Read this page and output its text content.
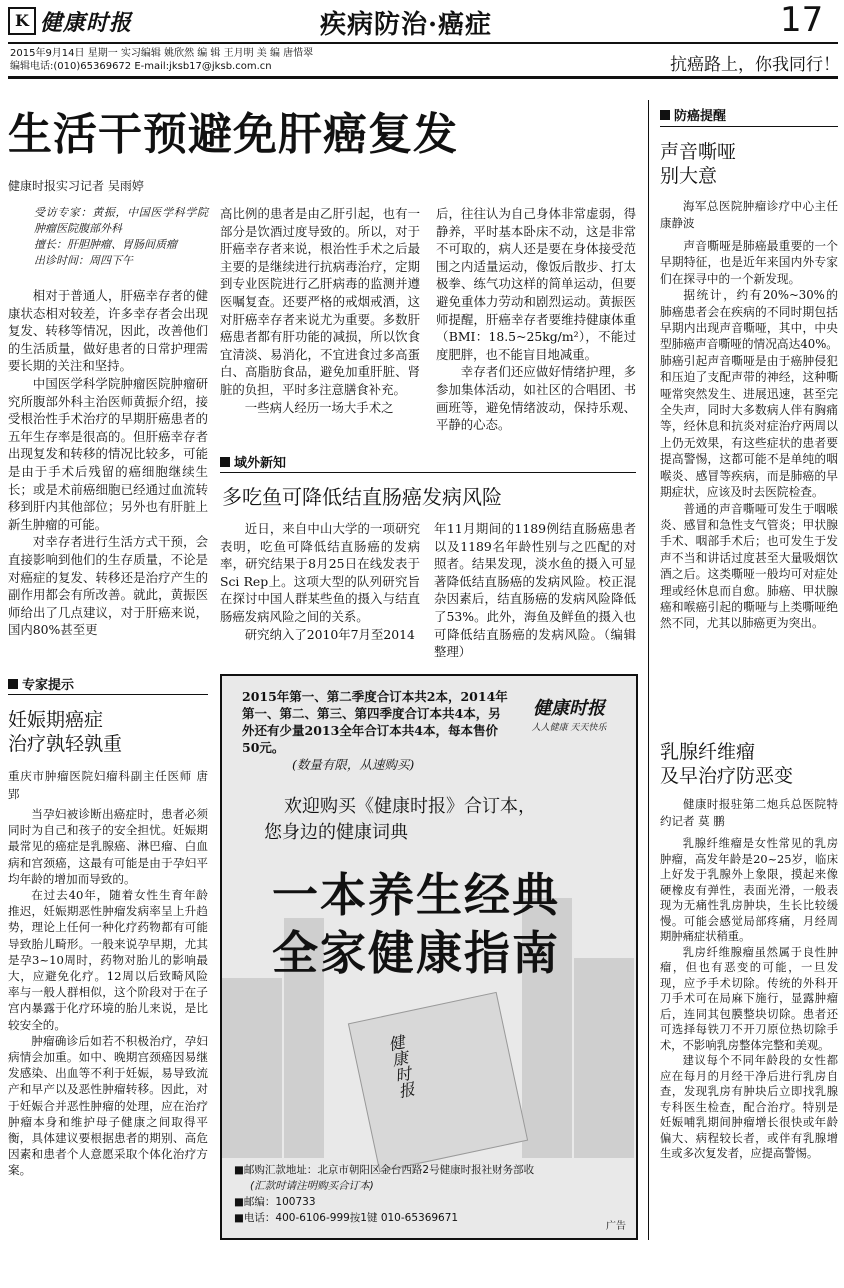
K 健康时报	疾病防治·癌症	17
2015年9月14日 星期一 实习编辑 姚欣然 编 辑 王月明 美 编 唐惜翠
编辑电话:(010)65369672 E-mail:jksb17@jksb.com.cn	抗癌路上，你我同行！
生活干预避免肝癌复发
健康时报实习记者 吴雨婷

受访专家：黄振，中国医学科学院肿瘤医院腹部外科

擅长：肝胆肿瘤、胃肠间质瘤

出诊时间：周四下午

相对于普通人，肝癌幸存者的健康状态相对较差，许多幸存者会出现复发、转移等情况，因此，改善他们的生活质量，做好患者的日常护理需要长期的关注和坚持。

中国医学科学院肿瘤医院肿瘤研究所腹部外科主治医师黄振介绍，接受根治性手术治疗的早期肝癌患者的五年生存率是很高的。但肝癌幸存者出现复发和转移的情况比较多，可能是由于手术后残留的癌细胞继续生长；或是术前癌细胞已经通过血流转移到肝内其他部位；另外也有肝脏上新生肿瘤的可能。

对幸存者进行生活方式干预，会直接影响到他们的生存质量，不论是对癌症的复发、转移还是治疗产生的副作用都会有所改善。就此，黄振医师给出了几点建议，对于肝癌来说，国内80%甚至更

高比例的患者是由乙肝引起，也有一部分是饮酒过度导致的。所以，对于肝癌幸存者来说，根治性手术之后最主要的是继续进行抗病毒治疗，定期到专业医院进行乙肝病毒的监测并遵医嘱复查。还要严格的戒烟戒酒，这对肝癌幸存者来说尤为重要。多数肝癌患者都有肝功能的减损，所以饮食宜清淡、易消化，不宜进食过多高蛋白、高脂肪食品，避免加重肝脏、肾脏的负担，平时多注意膳食补充。

一些病人经历一场大手术之

后，往往认为自己身体非常虚弱，得静养，平时基本卧床不动，这是非常不可取的，病人还是要在身体接受范围之内适量运动，像饭后散步、打太极拳、练气功这样的简单运动，但要避免重体力劳动和剧烈运动。黄振医师提醒，肝癌幸存者要维持健康体重（BMI：18.5~25kg/m²），不能过度肥胖，也不能盲目地减重。

幸存者们还应做好情绪护理，多参加集体活动，如社区的合唱团、书画班等，避免情绪波动，保持乐观、平静的心态。

域外新知
多吃鱼可降低结直肠癌发病风险

近日，来自中山大学的一项研究表明，吃鱼可降低结直肠癌的发病率，研究结果于8月25日在线发表于Sci Rep上。这项大型的队列研究旨在探讨中国人群某些鱼的摄入与结直肠癌发病风险之间的关系。

研究纳入了2010年7月至2014

年11月期间的1189例结直肠癌患者以及1189名年龄性别与之匹配的对照者。结果发现，淡水鱼的摄入可显著降低结直肠癌的发病风险。校正混杂因素后，结直肠癌的发病风险降低了53%。此外，海鱼及鲜鱼的摄入也可降低结直肠癌的发病风险。（编辑整理）

专家提示
妊娠期癌症
治疗孰轻孰重
重庆市肿瘤医院妇瘤科副主任医师 唐 郢

当孕妇被诊断出癌症时，患者必须同时为自己和孩子的安全担忧。妊娠期最常见的癌症是乳腺癌、淋巴瘤、白血病和宫颈癌，这最有可能是由于孕妇平均年龄的增加而导致的。

在过去40年，随着女性生育年龄推迟，妊娠期恶性肿瘤发病率呈上升趋势，理论上任何一种化疗药物都有可能导致胎儿畸形。一般来说孕早期，尤其是孕3~10周时，药物对胎儿的影响最大，应避免化疗。12周以后致畸风险率与一般人群相似，这个阶段对于在子宫内暴露于化疗环境的胎儿来说，是比较安全的。

肿瘤确诊后如若不积极治疗，孕妇病情会加重。如中、晚期宫颈癌因易继发感染、出血等不利于妊娠，易导致流产和早产以及恶性肿瘤转移。因此，对于妊娠合并恶性肿瘤的处理，应在治疗肿瘤本身和维护母子健康之间取得平衡，具体建议要根据患者的期别、高危因素和患者个人意愿采取个体化治疗方案。

2015年第一、第二季度合订本共2本，2014年第一、第二、第三、第四季度合订本共4本，另外还有少量2013全年合订本共4本，每本售价50元。
(数量有限，从速购买)
健康时报
人人健康 天天快乐
欢迎购买《健康时报》合订本，
您身边的健康词典
一本养生经典
全家健康指南
健康时报
■邮购汇款地址：北京市朝阳区金台西路2号健康时报社财务部收
(汇款时请注明购买合订本)
■邮编：100733
■电话：400-6106-999按1键 010-65369671
广告
防癌提醒
声音嘶哑
别大意

海军总医院肿瘤诊疗中心主任 康静波

声音嘶哑是肺癌最重要的一个早期特征，也是近年来国内外专家们在探寻中的一个新发现。

据统计，约有20%~30%的肺癌患者会在疾病的不同时期包括早期内出现声音嘶哑，其中，中央型肺癌声音嘶哑的情况高达40%。肺癌引起声音嘶哑是由于癌肿侵犯和压迫了支配声带的神经，这种嘶哑常突然发生、进展迅速，甚至完全失声，同时大多数病人伴有胸痛等，经休息和抗炎对症治疗两周以上仍无效果，有这些症状的患者要提高警惕，这都可能不是单纯的咽喉炎、感冒等疾病，而是肺癌的早期症状，应该及时去医院检查。

普通的声音嘶哑可发生于咽喉炎、感冒和急性支气管炎；甲状腺手术、咽部手术后；也可发生于发声不当和讲话过度甚至大量吸烟饮酒之后。这类嘶哑一般均可对症处理或经休息而自愈。肺癌、甲状腺癌和喉癌引起的嘶哑与上类嘶哑绝然不同，尤其以肺癌更为突出。

乳腺纤维瘤
及早治疗防恶变

健康时报驻第二炮兵总医院特约记者 莫 鹏

乳腺纤维瘤是女性常见的乳房肿瘤，高发年龄是20~25岁，临床上好发于乳腺外上象限，摸起来像硬橡皮有弹性，表面光滑，一般表现为无痛性乳房肿块，生长比较缓慢。可能会感觉局部疼痛，月经周期肿痛症状稍重。

乳房纤维腺瘤虽然属于良性肿瘤，但也有恶变的可能，一旦发现，应予手术切除。传统的外科开刀手术可在局麻下施行，显露肿瘤后，连同其包膜整块切除。患者还可选择每铁刀不开刀原位热切除手术，不影响乳房整体完整和美观。

建议每个不同年龄段的女性都应在每月的月经干净后进行乳房自查，发现乳房有肿块后立即找乳腺专科医生检查，配合治疗。特别是妊娠哺乳期间肿瘤增长很快或年龄偏大、病程较长者，或伴有乳腺增生或多次复发者，应提高警惕。
